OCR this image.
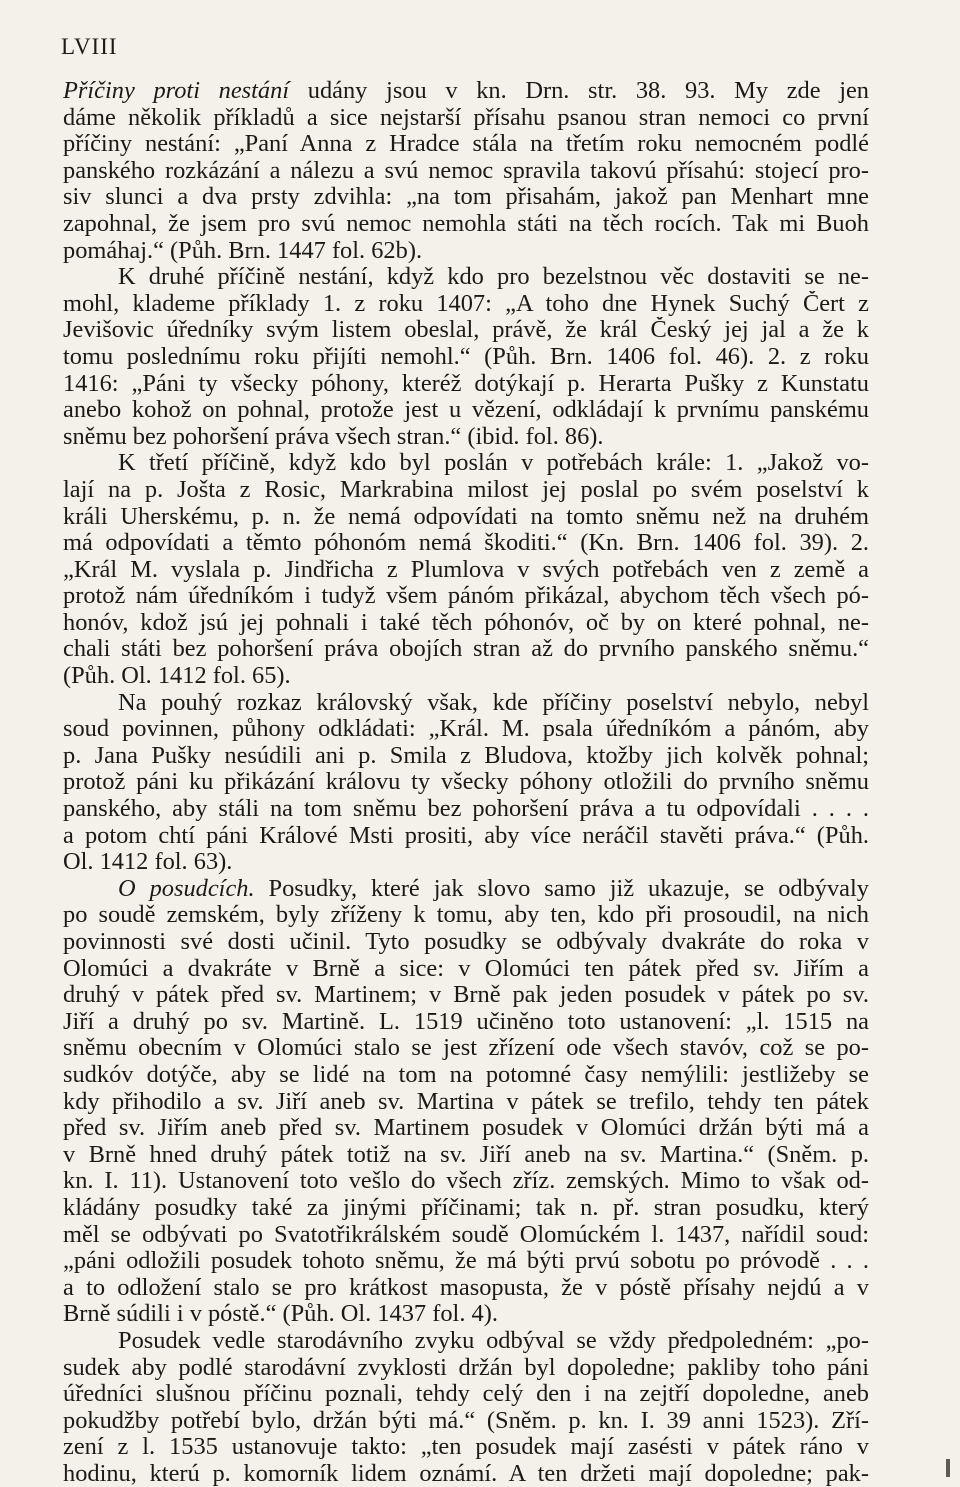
LVIII
Příčiny proti nestání udány jsou v kn. Drn. str. 38. 93. My zde jen
dáme několik příkladů a sice nejstarší přísahu psanou stran nemoci co první
příčiny nestání: „Paní Anna z Hradce stála na třetím roku nemocném podlé
panského rozkázání a nálezu a svú nemoc spravila takovú přísahú: stojecí pro-
siv slunci a dva prsty zdvihla: „na tom přisahám, jakož pan Menhart mne
zapohnal, že jsem pro svú nemoc nemohla státi na těch rocích. Tak mi Buoh
pomáhaj.“ (Půh. Brn. 1447 fol. 62b).
K druhé příčině nestání, když kdo pro bezelstnou věc dostaviti se ne-
mohl, klademe příklady 1. z roku 1407: „A toho dne Hynek Suchý Čert z
Jevišovic úředníky svým listem obeslal, právě, že král Český jej jal a že k
tomu poslednímu roku přijíti nemohl.“ (Půh. Brn. 1406 fol. 46). 2. z roku
1416: „Páni ty všecky póhony, kteréž dotýkají p. Herarta Pušky z Kunstatu
anebo kohož on pohnal, protože jest u vězení, odkládají k prvnímu panskému
sněmu bez pohoršení práva všech stran.“ (ibid. fol. 86).
K třetí příčině, když kdo byl poslán v potřebách krále: 1. „Jakož vo-
lají na p. Jošta z Rosic, Markrabina milost jej poslal po svém poselství k
králi Uherskému, p. n. že nemá odpovídati na tomto sněmu než na druhém
má odpovídati a těmto póhonóm nemá škoditi.“ (Kn. Brn. 1406 fol. 39). 2.
„Král M. vyslala p. Jindřicha z Plumlova v svých potřebách ven z země a
protož nám úředníkóm i tudyž všem pánóm přikázal, abychom těch všech pó-
honóv, kdož jsú jej pohnali i také těch póhonóv, oč by on které pohnal, ne-
chali státi bez pohoršení práva obojích stran až do prvního panského sněmu.“
(Půh. Ol. 1412 fol. 65).
Na pouhý rozkaz královský však, kde příčiny poselství nebylo, nebyl
soud povinnen, půhony odkládati: „Král. M. psala úředníkóm a pánóm, aby
p. Jana Pušky nesúdili ani p. Smila z Bludova, ktožby jich kolvěk pohnal;
protož páni ku přikázání královu ty všecky póhony otložili do prvního sněmu
panského, aby stáli na tom sněmu bez pohoršení práva a tu odpovídali . . . .
a potom chtí páni Králové Msti prositi, aby více neráčil stavěti práva.“ (Půh.
Ol. 1412 fol. 63).
O posudcích. Posudky, které jak slovo samo již ukazuje, se odbývaly
po soudě zemském, byly zříženy k tomu, aby ten, kdo při prosoudil, na nich
povinnosti své dosti učinil. Tyto posudky se odbývaly dvakráte do roka v
Olomúci a dvakráte v Brně a sice: v Olomúci ten pátek před sv. Jiřím a
druhý v pátek před sv. Martinem; v Brně pak jeden posudek v pátek po sv.
Jiří a druhý po sv. Martině. L. 1519 učiněno toto ustanovení: „l. 1515 na
sněmu obecním v Olomúci stalo se jest zřízení ode všech stavóv, což se po-
sudkóv dotýče, aby se lidé na tom na potomné časy nemýlili: jestližeby se
kdy přihodilo a sv. Jiří aneb sv. Martina v pátek se trefilo, tehdy ten pátek
před sv. Jiřím aneb před sv. Martinem posudek v Olomúci držán býti má a
v Brně hned druhý pátek totiž na sv. Jiří aneb na sv. Martina.“ (Sněm. p.
kn. I. 11). Ustanovení toto vešlo do všech zříz. zemských. Mimo to však od-
kládány posudky také za jinými příčinami; tak n. př. stran posudku, který
měl se odbývati po Svatotřikrálském soudě Olomúckém l. 1437, nařídil soud:
„páni odložili posudek tohoto sněmu, že má býti prvú sobotu po próvodě . . .
a to odložení stalo se pro krátkost masopusta, že v póstě přísahy nejdú a v
Brně súdili i v póstě.“ (Půh. Ol. 1437 fol. 4).
Posudek vedle starodávního zvyku odbýval se vždy předpoledném: „po-
sudek aby podlé starodávní zvyklosti držán byl dopoledne; pakliby toho páni
úředníci slušnou příčinu poznali, tehdy celý den i na zejtří dopoledne, aneb
pokudžby potřebí bylo, držán býti má.“ (Sněm. p. kn. I. 39 anni 1523). Zří-
zení z l. 1535 ustanovuje takto: „ten posudek mají zasésti v pátek ráno v
hodinu, kterú p. komorník lidem oznámí. A ten držeti mají dopoledne; pak-
